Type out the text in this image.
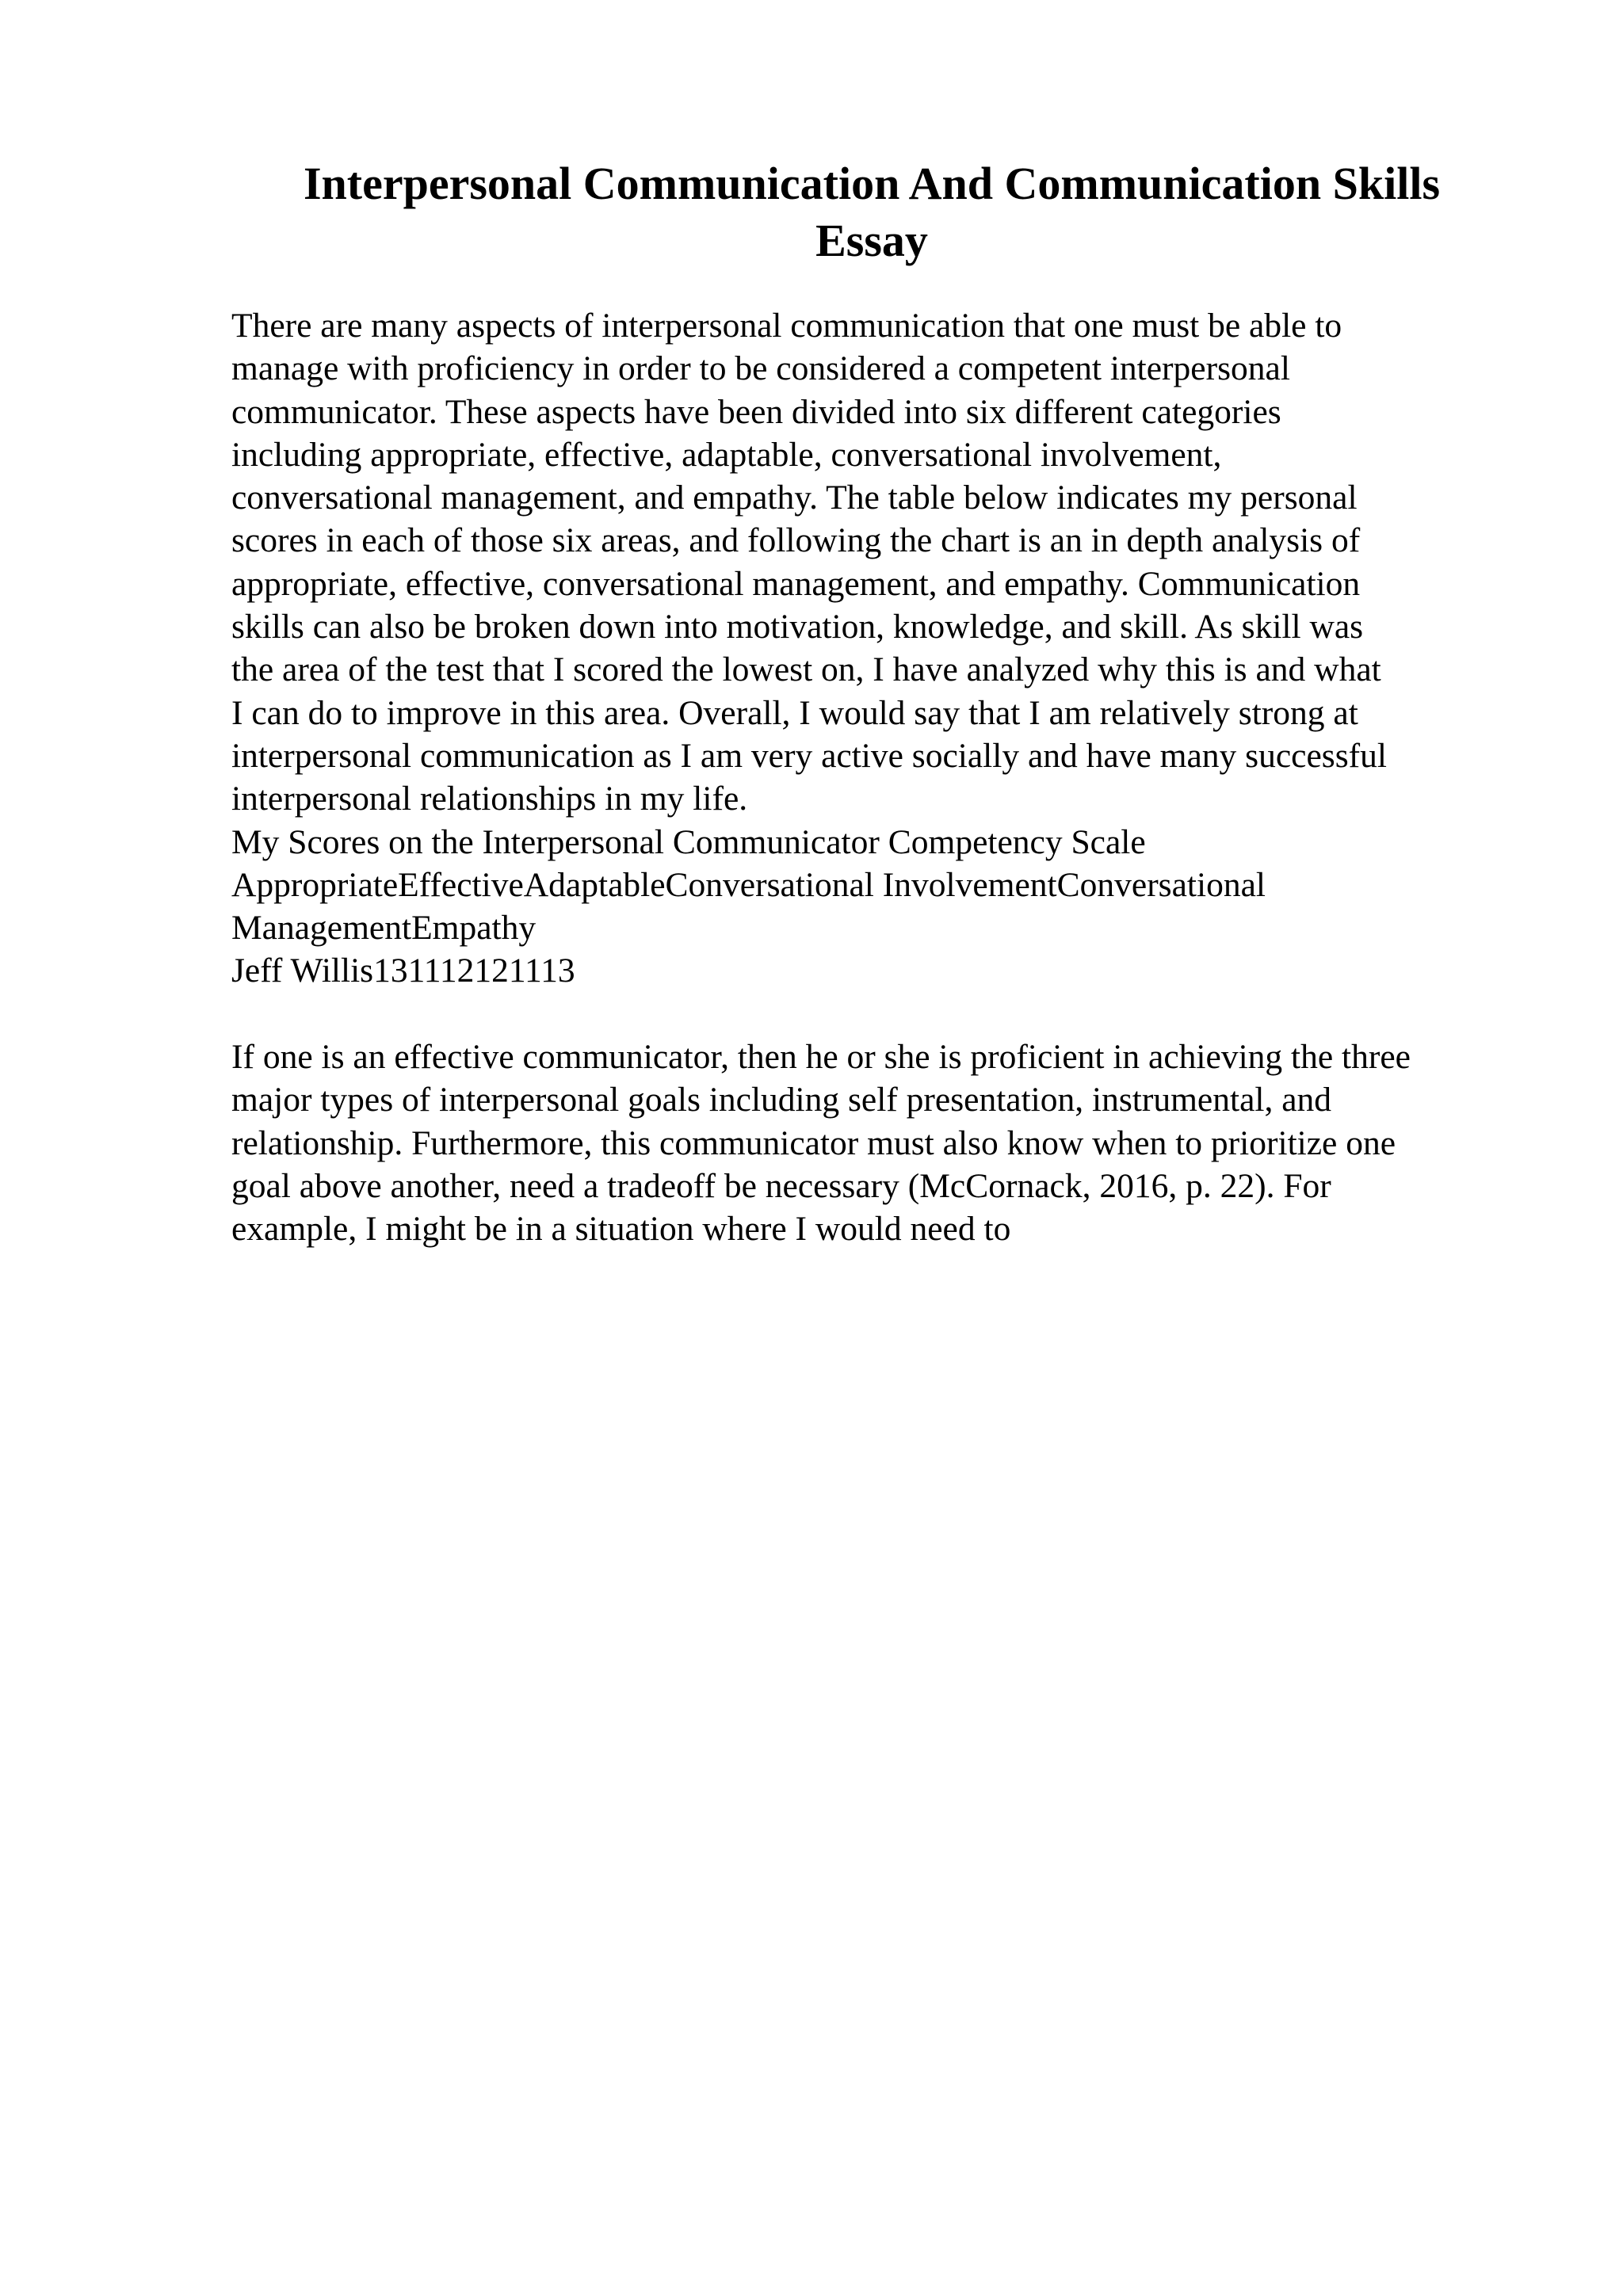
Interpersonal Communication And Communication Skills
Essay
There are many aspects of interpersonal communication that one must be able to
manage with proficiency in order to be considered a competent interpersonal
communicator. These aspects have been divided into six different categories
including appropriate, effective, adaptable, conversational involvement,
conversational management, and empathy. The table below indicates my personal
scores in each of those six areas, and following the chart is an in depth analysis of
appropriate, effective, conversational management, and empathy. Communication
skills can also be broken down into motivation, knowledge, and skill. As skill was
the area of the test that I scored the lowest on, I have analyzed why this is and what
I can do to improve in this area. Overall, I would say that I am relatively strong at
interpersonal communication as I am very active socially and have many successful
interpersonal relationships in my life.
My Scores on the Interpersonal Communicator Competency Scale
AppropriateEffectiveAdaptableConversational InvolvementConversational
ManagementEmpathy
Jeff Willis131112121113
If one is an effective communicator, then he or she is proficient in achieving the three
major types of interpersonal goals including self presentation, instrumental, and
relationship. Furthermore, this communicator must also know when to prioritize one
goal above another, need a tradeoff be necessary (McCornack, 2016, p. 22). For
example, I might be in a situation where I would need to
